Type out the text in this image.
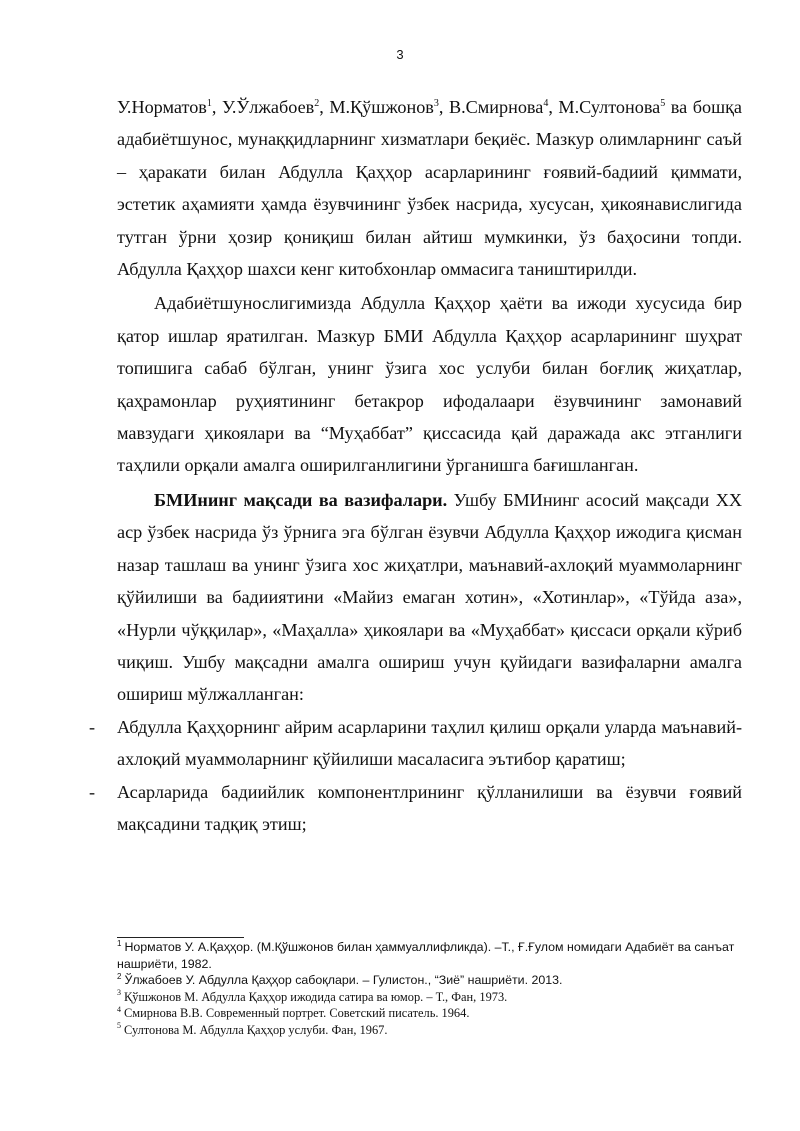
3

У.Норматов$^1$, У.Ўлжабоев$^2$, М.Қўшжонов$^3$, В.Смирнова$^4$, М.Султонова$^5$ ва бошқа адабиётшунос, мунаққидларнинг хизматлари беқиёс. Мазкур олимларнинг саъй – ҳаракати билан Абдулла Қаҳҳор асарларининг ғоявий-бадиий қиммати, эстетик аҳамияти ҳамда ёзувчининг ўзбек насрида, хусусан, ҳикоянавислигида тутган ўрни ҳозир қониқиш билан айтиш мумкинки, ўз баҳосини топди. Абдулла Қаҳҳор шахси кенг китобхонлар оммасига таништирилди.

Адабиётшунослигимизда Абдулла Қаҳҳор ҳаёти ва ижоди хусусида бир қатор ишлар яратилган. Мазкур БМИ Абдулла Қаҳҳор асарларининг шуҳрат топишига сабаб бўлган, унинг ўзига хос услуби билан боғлиқ жиҳатлар, қаҳрамонлар руҳиятининг бетакрор ифодалаари ёзувчининг замонавий мавзудаги ҳикоялари ва “Муҳаббат” қиссасида қай даражада акс этганлиги таҳлили орқали амалга оширилганлигини ўрганишга бағишланган.

БМИнинг мақсади ва вазифалари. Ушбу БМИнинг асосий мақсади XX аср ўзбек насрида ўз ўрнига эга бўлган ёзувчи Абдулла Қаҳҳор ижодига қисман назар ташлаш ва унинг ўзига хос жиҳатлри, маънавий-ахлоқий муаммоларнинг қўйилиши ва бадииятини «Майиз емаган хотин», «Хотинлар», «Тўйда аза», «Нурли чўққилар», «Маҳалла» ҳикоялари ва «Муҳаббат» қиссаси орқали кўриб чиқиш. Ушбу мақсадни амалга ошириш учун қуйидаги вазифаларни амалга ошириш мўлжалланган:

- Абдулла Қаҳҳорнинг айрим асарларини таҳлил қилиш орқали уларда маънавий-ахлоқий муаммоларнинг қўйилиши масаласига эътибор қаратиш;
- Асарларида бадиийлик компонентлрининг қўлланилиши ва ёзувчи ғоявий мақсадини тадқиқ этиш;

$^1$ Норматов У. А.Қаҳҳор. (М.Қўшжонов билан ҳаммуаллифликда). –Т., Ғ.Ғулом номидаги Адабиёт ва санъат нашриёти, 1982.

$^2$ Ўлжабоев У. Абдулла Қаҳҳор сабоқлари. – Гулистон., “Зиё” нашриёти. 2013.

$^3$ Қўшжонов М. Абдулла Қаҳҳор ижодида сатира ва юмор. – Т., Фан, 1973.

$^4$ Смирнова В.В. Современный портрет. Советский писатель. 1964.

$^5$ Султонова М. Абдулла Қаҳҳор услуби. Фан, 1967.
